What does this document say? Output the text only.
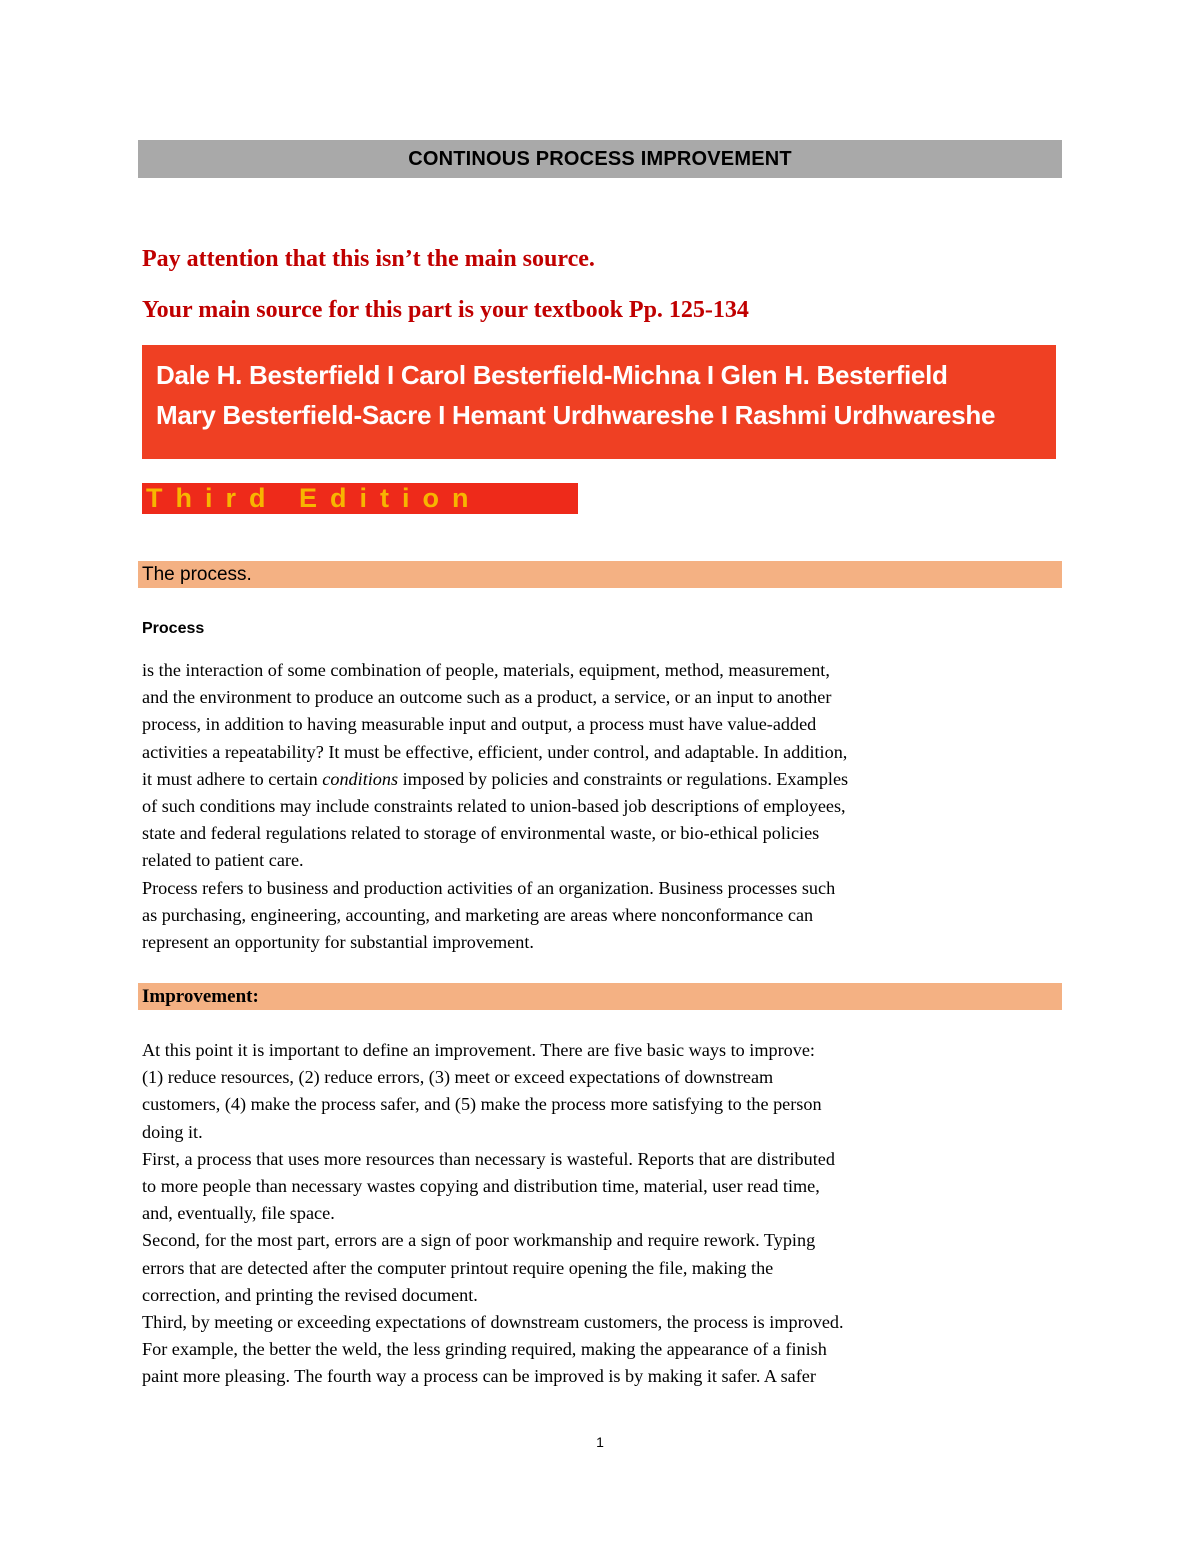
CONTINOUS PROCESS IMPROVEMENT
Pay attention that this isn’t the main source.
Your main source for this part is your textbook Pp. 125-134
Dale H. Besterfield I Carol Besterfield-Michna I Glen H. Besterfield
Mary Besterfield-Sacre I Hemant Urdhwareshe I Rashmi Urdhwareshe
Third Edition
The process.
Process
is the interaction of some combination of people, materials, equipment, method, measurement,
and the environment to produce an outcome such as a product, a service, or an input to another
process, in addition to having measurable input and output, a process must have value-added
activities a repeatability? It must be effective, efficient, under control, and adaptable. In addition,
it must adhere to certain conditions imposed by policies and constraints or regulations. Examples
of such conditions may include constraints related to union-based job descriptions of employees,
state and federal regulations related to storage of environmental waste, or bio-ethical policies
related to patient care.
Process refers to business and production activities of an organization. Business processes such
as purchasing, engineering, accounting, and marketing are areas where nonconformance can
represent an opportunity for substantial improvement.
Improvement:
At this point it is important to define an improvement. There are five basic ways to improve:
(1) reduce resources, (2) reduce errors, (3) meet or exceed expectations of downstream
customers, (4) make the process safer, and (5) make the process more satisfying to the person
doing it.
First, a process that uses more resources than necessary is wasteful. Reports that are distributed
to more people than necessary wastes copying and distribution time, material, user read time,
and, eventually, file space.
Second, for the most part, errors are a sign of poor workmanship and require rework. Typing
errors that are detected after the computer printout require opening the file, making the
correction, and printing the revised document.
Third, by meeting or exceeding expectations of downstream customers, the process is improved.
For example, the better the weld, the less grinding required, making the appearance of a finish
paint more pleasing. The fourth way a process can be improved is by making it safer. A safer
1
